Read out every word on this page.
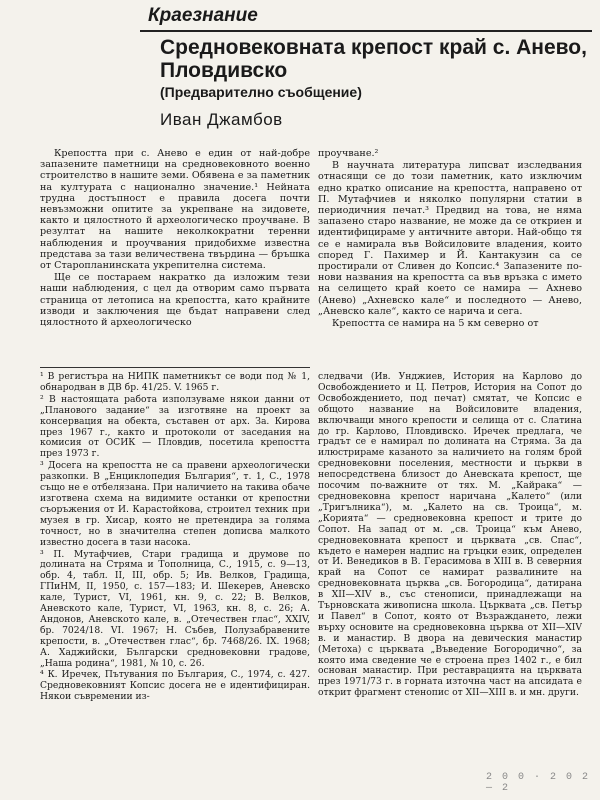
Краезнание
Средновековната крепост край с. Анево, Пловдивско
(Предварително съобщение)
Иван Джамбов

Крепостта при с. Анево е един от най-добре запазените паметници на средновековното военно строителство в нашите земи. Обявена е за паметник на културата с национално значение.¹ Нейната трудна достъпност е правила досега почти невъзможни опитите за укрепване на зидовете, както и цялостното й археологическо проучване. В резултат на нашите неколкократни теренни наблюдения и проучвания придобихме известна представа за тази величествена твърдина — бръшка от Старопланинската укрепителна система.

Ще се постараем накратко да изложим тези наши наблюдения, с цел да отворим само първата страница от летописа на крепостта, като крайните изводи и заключения ще бъдат направени след цялостното й археологическо

проучване.²

В научната литература липсват изследвания отнасящи се до този паметник, като изключим едно кратко описание на крепостта, направено от П. Мутафчиев и няколко популярни статии в периодичния печат.³ Предвид на това, не няма запазено старо название, не може да се откриен и идентифицираме у античните автори. Най-общо тя се е намирала във Войсиловите владения, които според Г. Пахимер и Й. Кантакузин са се простирали от Сливен до Копсис.⁴ Запазените по-нови названия на крепостта са във връзка с името на селището край което се намира — Ахнево (Анево) „Ахневско кале“ и последното — Анево, „Аневско кале“, както се нарича и сега.

Крепостта се намира на 5 км северно от

¹ В регистъра на НИПК паметникът се води под № 1, обнародван в ДВ бр. 41/25. V. 1965 г.

² В настоящата работа използуваме някои данни от „Планового задание“ за изготвяне на проект за консервация на обекта, съставен от арх. За. Кирова през 1967 г., както и протоколи от заседания на комисия от ОСИК — Пловдив, посетила крепостта през 1973 г.

³ Досега на крепостта не са правени археологически разкопки. В „Енциклопедия България“, т. 1, С., 1978 също не е отбелязана. При наличието на такива обаче изготвена схема на видимите останки от крепостни съоръжения от И. Карастойкова, строител техник при музея в гр. Хисар, която не претендира за голяма точност, но в значителна степен дописва малкото известно досега в тази насока.

³ П. Мутафчиев, Стари градища и друмове по долината на Стряма и Тополница, С., 1915, с. 9—13, обр. 4, табл. II, III, обр. 5; Ив. Велков, Градища, ГПиНМ, II, 1950, с. 157—183; И. Шекерев, Аневско кале, Турист, VI, 1961, кн. 9, с. 22; В. Велков, Аневското кале, Турист, VI, 1963, кн. 8, с. 26; А. Андонов, Аневското кале, в. „Отечествен глас“, XXIV, бр. 7024/18. VI. 1967; Н. Събев, Полузабравените крепости, в. „Отечествен глас“, бр. 7468/26. IX. 1968; А. Хаджийски, Български средновековни градове, „Наша родина“, 1981, № 10, с. 26.

⁴ К. Иречек, Пътувания по България, С., 1974, с. 427. Средновековният Копсис досега не е идентифициран. Някои съвремении из-

следвачи (Ив. Унджиев, История на Карлово до Освобождението и Ц. Петров, История на Сопот до Освобождението, под печат) смятат, че Копсис е общото название на Войсиловите владения, включващи много крепости и селища от с. Слатина до гр. Карлово, Пловдивско. Иречек предлага, че градът се е намирал по долината на Стряма. За да илюстрираме казаното за наличието на голям брой средновековни поселения, местности и църкви в непосредствена близост до Аневската крепост, ще посочим по-важните от тях. М. „Кайрака“ — средновековна крепост наричана „Калето“ (или „Тригълника“), м. „Калето на св. Троица“, м. „Корията“ — средновековна крепост и трите до Сопот. На запад от м. „св. Троица“ към Анево, средновековната крепост и църквата „св. Спас“, където е намерен надпис на гръцки език, определен от И. Венедиков в В. Герасимова в XIII в. В северния край на Сопот се намират развалините на средновековната църква „св. Богородица“, датирана в XII—XIV в., със стенописи, принадлежащи на Търновската живописна школа. Църквата „св. Петър и Павел“ в Сопот, която от Възраждането, лежи върху основите на средновековна църква от XII—XIV в. и манастир. В двора на девическия манастир (Метоха) с църквата „Въведение Богородично“, за която има сведение че е строена през 1402 г., е бил основан манастир. При реставрацията на църквата през 1971/73 г. в горната източна част на апсидата е открит фрагмент стенопис от XII—XIII в. и мн. други.

2 0 0 · 2 0 2 — 2
